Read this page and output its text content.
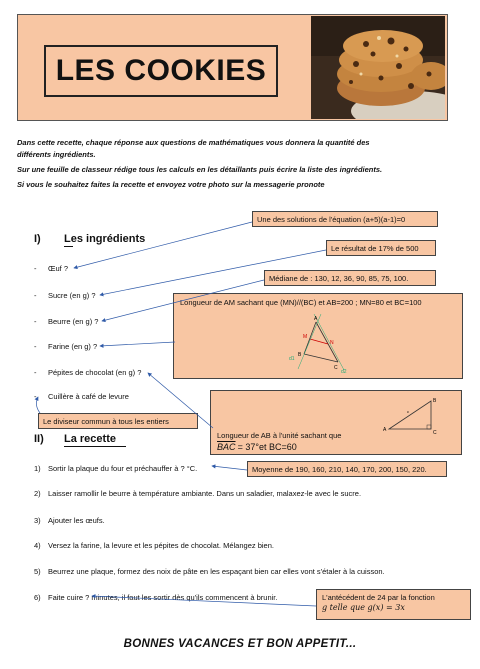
LES COOKIES
Dans cette recette, chaque réponse aux questions de mathématiques vous donnera la quantité des
différents ingrédients.
Sur une feuille de classeur rédige tous les calculs en les détaillants puis écrire la liste des ingrédients.
Si vous le souhaitez faites la recette et envoyez votre photo sur la messagerie pronote
I) Les ingrédients
- Œuf ?
- Sucre (en g) ?
- Beurre (en g) ?
- Farine (en g) ?
- Pépites de chocolat (en g) ?
- Cuillère à café de levure
II) La recette
1) Sortir la plaque du four et préchauffer à ? °C.
2) Laisser ramollir le beurre à température ambiante. Dans un saladier, malaxez-le avec le sucre.
3) Ajouter les œufs.
4) Versez la farine, la levure et les pépites de chocolat. Mélangez bien.
5) Beurrez une plaque, formez des noix de pâte en les espaçant bien car elles vont s'étaler à la cuisson.
6) Faite cuire ? minutes, il faut les sortir dès qu'ils commencent à brunir.
Une des solutions de l'équation (a+5)(a-1)=0
Le résultat de 17% de 500
Médiane de : 130, 12, 36, 90, 85, 75, 100.
Longueur de AM sachant que (MN)//(BC) et AB=200 ; MN=80 et BC=100
A
M
N
B
C
d1
d2
Le diviseur commun à tous les entiers
A
B
C
c
Longueur de AB à l'unité sachant que
$\overline{BAC} = 37^\circ et$ BC=60
Moyenne de 190, 160, 210, 140, 170, 200, 150, 220.
L'antécédent de 24 par la fonction
g telle que g(x) = 3x
BONNES VACANCES ET BON APPETIT...
